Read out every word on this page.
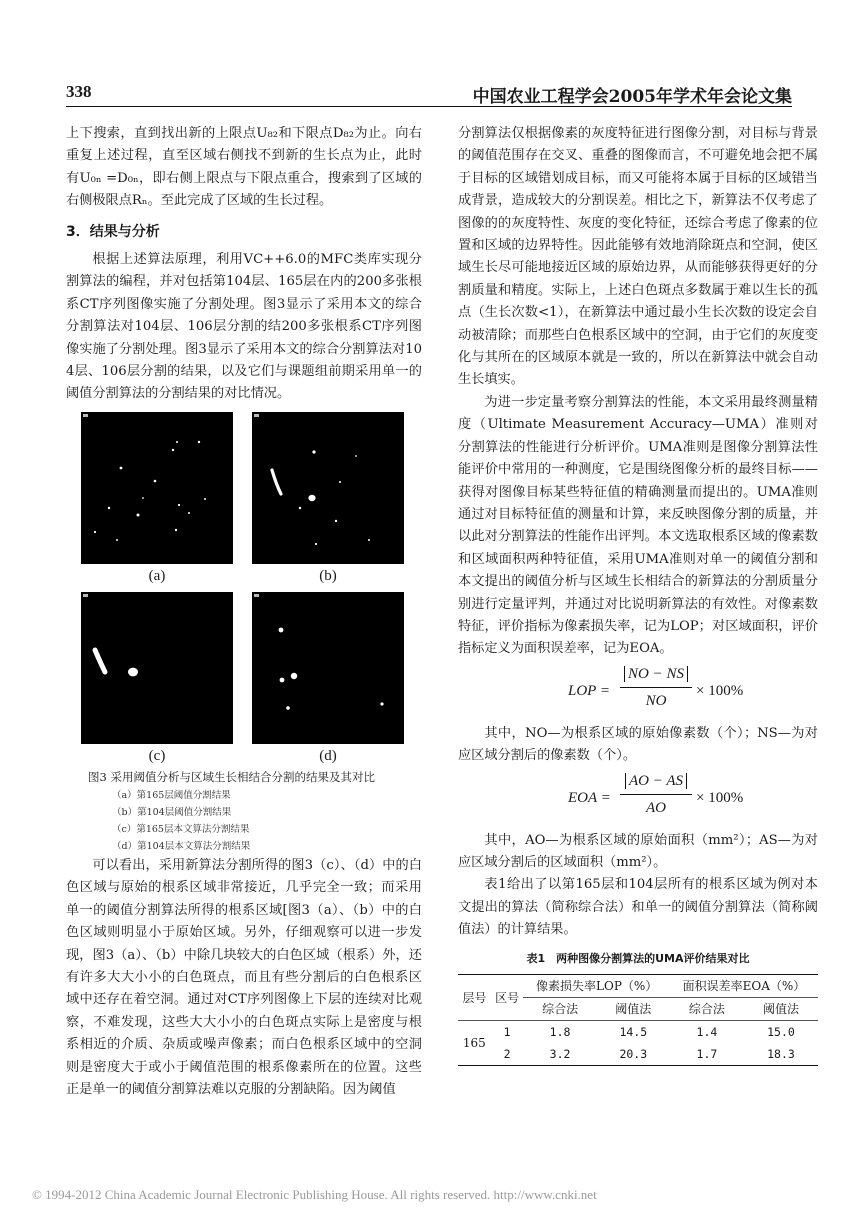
338	中国农业工程学会2005年学术年会论文集

上下搜索，直到找出新的上限点U₈₂和下限点D₈₂为止。向右重复上述过程，直至区域右侧找不到新的生长点为止，此时有U₀ₙ =D₀ₙ，即右侧上限点与下限点重合，搜索到了区域的右侧极限点Rₙ。至此完成了区域的生长过程。

3．结果与分析

根据上述算法原理，利用VC++6.0的MFC类库实现分割算法的编程，并对包括第104层、165层在内的200多张根系CT序列图像实施了分割处理。图3显示了采用本文的综合分割算法对104层、106层分割的结200多张根系CT序列图像实施了分割处理。图3显示了采用本文的综合分割算法对104层、106层分割的结果，以及它们与课题组前期采用单一的阈值分割算法的分割结果的对比情况。

(a)	(b)
(c)	(d)
图3 采用阈值分析与区域生长相结合分割的结果及其对比
（a）第165层阈值分割结果（b）第104层阈值分割结果
（c）第165层本文算法分割结果（d）第104层本文算法分割结果

可以看出，采用新算法分割所得的图3（c）、（d）中的白色区域与原始的根系区域非常接近，几乎完全一致；而采用单一的阈值分割算法所得的根系区域[图3（a）、（b）中的白色区域则明显小于原始区域。另外，仔细观察可以进一步发现，图3（a）、（b）中除几块较大的白色区域（根系）外，还有许多大大小小的白色斑点，而且有些分割后的白色根系区域中还存在着空洞。通过对CT序列图像上下层的连续对比观察，不难发现，这些大大小小的白色斑点实际上是密度与根系相近的介质、杂质或噪声像素；而白色根系区域中的空洞则是密度大于或小于阈值范围的根系像素所在的位置。这些正是单一的阈值分割算法难以克服的分割缺陷。因为阈值

分割算法仅根据像素的灰度特征进行图像分割，对目标与背景的阈值范围存在交叉、重叠的图像而言，不可避免地会把不属于目标的区域错划成目标，而又可能将本属于目标的区域错当成背景，造成较大的分割误差。相比之下，新算法不仅考虑了图像的的灰度特性、灰度的变化特征，还综合考虑了像素的位置和区域的边界特性。因此能够有效地消除斑点和空洞，使区域生长尽可能地接近区域的原始边界，从而能够获得更好的分割质量和精度。实际上，上述白色斑点多数属于难以生长的孤点（生长次数<1），在新算法中通过最小生长次数的设定会自动被清除；而那些白色根系区域中的空洞，由于它们的灰度变化与其所在的区域原本就是一致的，所以在新算法中就会自动生长填实。

为进一步定量考察分割算法的性能，本文采用最终测量精度（Ultimate Measurement Accuracy—UMA）准则对分割算法的性能进行分析评价。UMA准则是图像分割算法性能评价中常用的一种测度，它是围绕图像分析的最终目标——获得对图像目标某些特征值的精确测量而提出的。UMA准则通过对目标特征值的测量和计算，来反映图像分割的质量，并以此对分割算法的性能作出评判。本文选取根系区域的像素数和区域面积两种特征值，采用UMA准则对单一的阈值分割和本文提出的阈值分析与区域生长相结合的新算法的分割质量分别进行定量评判，并通过对比说明新算法的有效性。对像素数特征，评价指标为像素损失率，记为LOP；对区域面积，评价指标定义为面积误差率，记为EOA。

LOP = $\frac{NO - NS}{NO} \times 100\%$

其中，NO—为根系区域的原始像素数（个）；NS—为对应区域分割后的像素数（个）。

EOA = $\frac{AO - AS}{AO} \times 100\%$

其中，AO—为根系区域的原始面积（mm²）；AS—为对应区域分割后的区域面积（mm²）。

表1给出了以第165层和104层所有的根系区域为例对本文提出的算法（简称综合法）和单一的阈值分割算法（简称阈值法）的计算结果。

表1　两种图像分割算法的UMA评价结果对比
层号	区号	像素损失率LOP（%）		面积误差率EOA（%）	
		综合法	阈值法	综合法	阈值法
165	1	1.8	14.5	1.4	15.0
	2	3.2	20.3	1.7	18.3
© 1994-2012 China Academic Journal Electronic Publishing House. All rights reserved. http://www.cnki.net
